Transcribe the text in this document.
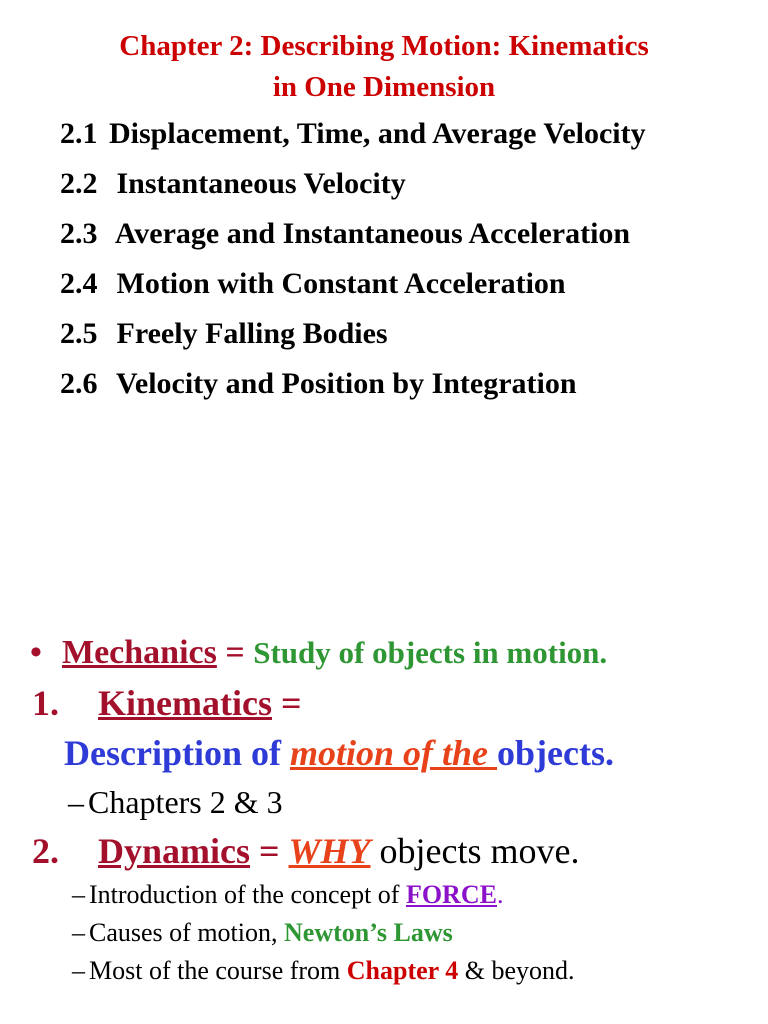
Chapter 2: Describing Motion: Kinematics
in One Dimension
2.1 Displacement, Time, and Average Velocity
2.2 Instantaneous Velocity
2.3 Average and Instantaneous Acceleration
2.4 Motion with Constant Acceleration
2.5 Freely Falling Bodies
2.6 Velocity and Position by Integration
• Mechanics = Study of objects in motion.
1. Kinematics =
Description of motion of the objects.
– Chapters 2 & 3
2. Dynamics = WHY objects move.
– Introduction of the concept of FORCE.
– Causes of motion, Newton’s Laws
– Most of the course from Chapter 4 & beyond.
